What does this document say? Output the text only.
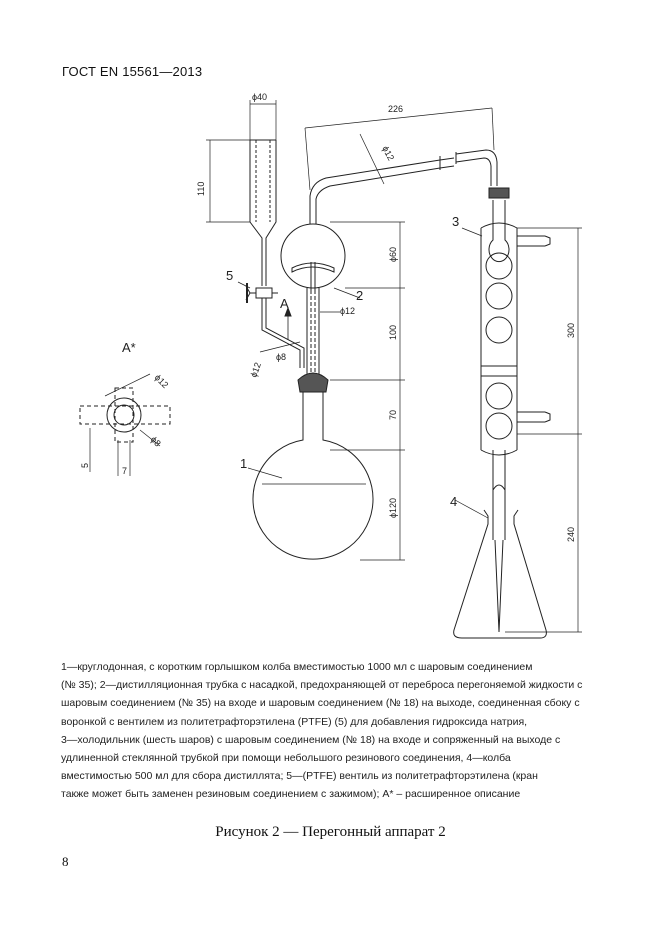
ГОСТ EN 15561—2013
ϕ40
226
ϕ12
110
ϕ60
100
70
ϕ120
300
240
ϕ12
ϕ12
ϕ8
ϕ12
ϕ8
5
7	1
2
3
4
5
A
A*
1—круглодонная, с коротким горлышком колба вместимостью 1000 мл с шаровым соединением
(№ 35); 2—дистилляционная трубка с насадкой, предохраняющей от переброса перегоняемой жидкости с
шаровым соединением (№ 35) на входе и шаровым соединением (№ 18) на выходе, соединенная сбоку с
воронкой с вентилем из политетрафторэтилена (PTFE) (5) для добавления гидроксида натрия,
3—холодильник (шесть шаров) с шаровым соединением (№ 18) на входе и сопряженный на выходе с
удлиненной стеклянной трубкой при помощи небольшого резинового соединения, 4—колба
вместимостью 500 мл для сбора дистиллята; 5—(PTFE) вентиль из политетрафторэтилена (кран
также может быть заменен резиновым соединением с зажимом); A* – расширенное описание
Рисунок 2 — Перегонный аппарат 2
8
